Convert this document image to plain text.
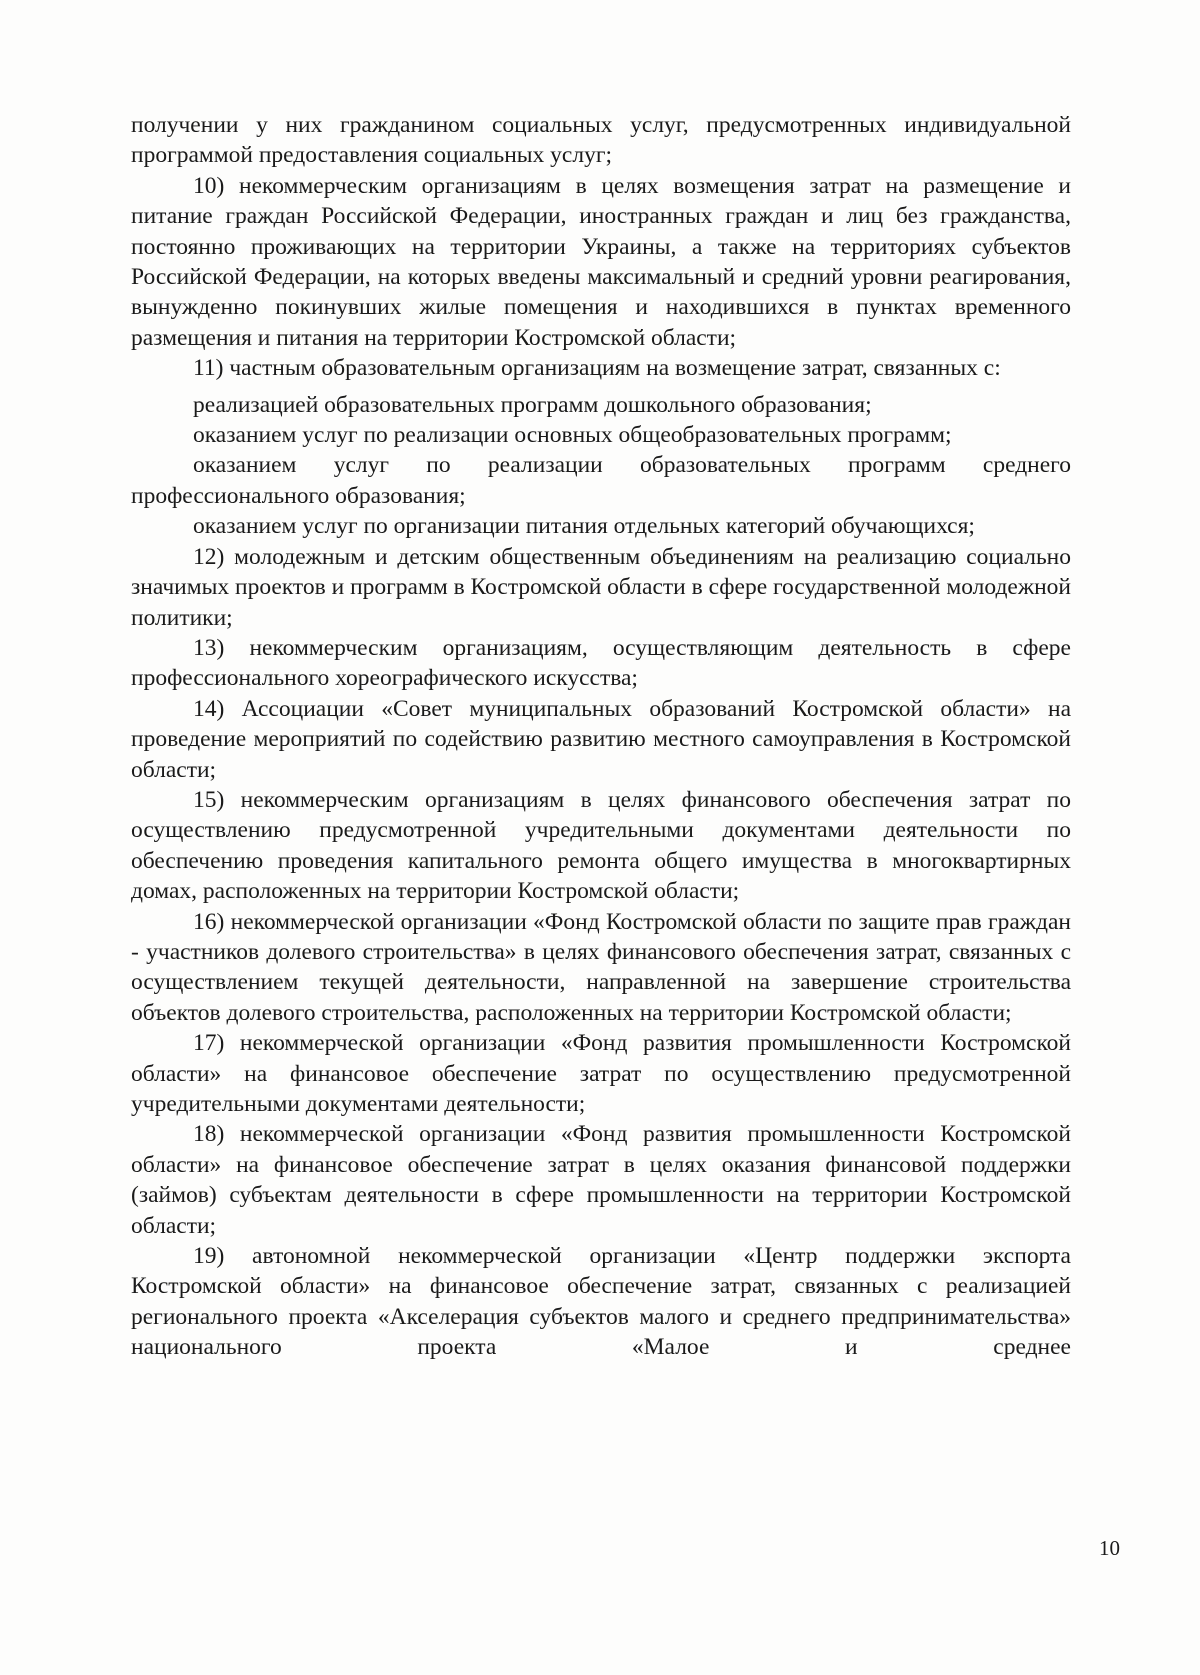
получении у них гражданином социальных услуг, предусмотренных индивидуальной программой предоставления социальных услуг;

10) некоммерческим организациям в целях возмещения затрат на размещение и питание граждан Российской Федерации, иностранных граждан и лиц без гражданства, постоянно проживающих на территории Украины, а также на территориях субъектов Российской Федерации, на которых введены максимальный и средний уровни реагирования, вынужденно покинувших жилые помещения и находившихся в пунктах временного размещения и питания на территории Костромской области;

11) частным образовательным организациям на возмещение затрат, связанных с:

реализацией образовательных программ дошкольного образования;

оказанием услуг по реализации основных общеобразовательных программ;

оказанием услуг по реализации образовательных программ среднего профессионального образования;

оказанием услуг по организации питания отдельных категорий обучающихся;

12) молодежным и детским общественным объединениям на реализацию социально значимых проектов и программ в Костромской области в сфере государственной молодежной политики;

13) некоммерческим организациям, осуществляющим деятельность в сфере профессионального хореографического искусства;

14) Ассоциации «Совет муниципальных образований Костромской области» на проведение мероприятий по содействию развитию местного самоуправления в Костромской области;

15) некоммерческим организациям в целях финансового обеспечения затрат по осуществлению предусмотренной учредительными документами деятельности по обеспечению проведения капитального ремонта общего имущества в многоквартирных домах, расположенных на территории Костромской области;

16) некоммерческой организации «Фонд Костромской области по защите прав граждан - участников долевого строительства» в целях финансового обеспечения затрат, связанных с осуществлением текущей деятельности, направленной на завершение строительства объектов долевого строительства, расположенных на территории Костромской области;

17) некоммерческой организации «Фонд развития промышленности Костромской области» на финансовое обеспечение затрат по осуществлению предусмотренной учредительными документами деятельности;

18) некоммерческой организации «Фонд развития промышленности Костромской области» на финансовое обеспечение затрат в целях оказания финансовой поддержки (займов) субъектам деятельности в сфере промышленности на территории Костромской области;

19) автономной некоммерческой организации «Центр поддержки экспорта Костромской области» на финансовое обеспечение затрат, связанных с реализацией регионального проекта «Акселерация субъектов малого и среднего предпринимательства» национального проекта «Малое и среднее

10
